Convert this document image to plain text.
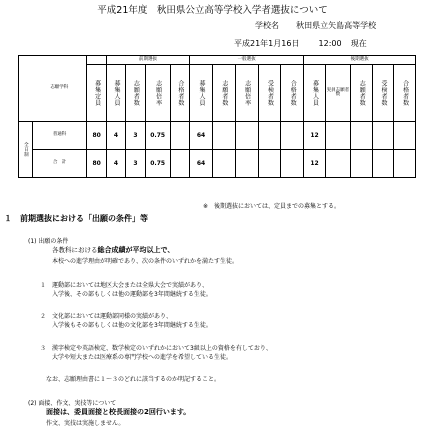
平成21年度　秋田県公立高等学校入学者選抜について
学校名 秋田県立矢島高等学校
平成21年1月16日 12:00 現在
	志願学科		前期選抜				一般選抜					後期選抜				

		募集定員	募集人員	志願者数	志願倍率	合格者数	募集人員	志願者数	志願倍率	受検者数	合格者数	募集人員	実員志願者数	志願者数	受検者数	合格者数

全日制	普通科	80	4	3	0.75		64					12				
	合　計	80	4	3	0.75		64					12				
※　後期選抜においては、定員までの募集とする。
１　前期選抜における「出願の条件」等
(1) 出願の条件
各教科における総合成績が平均以上で、
本校への進学理由が明確であり、次の条件のいずれかを満たす生徒。
１　運動部においては地区大会または全県大会で実績があり、
入学後、その部もしくは他の運動部を3年間継続する生徒。
２　文化部においては運動部同様の実績があり、
入学後もその部もしくは他の文化部を3年間継続する生徒。
３　漢字検定や英語検定、数学検定のいずれかにおいて3級以上の資格を有しており、
大学や短大または医療系の専門学校への進学を希望している生徒。
なお、志願理由書に１〜３のどれに該当するのか明記すること。
(2) 面接、作文、実技等について
面接は、委員面接と校長面接の2回行います。
作文、実技は実施しません。
